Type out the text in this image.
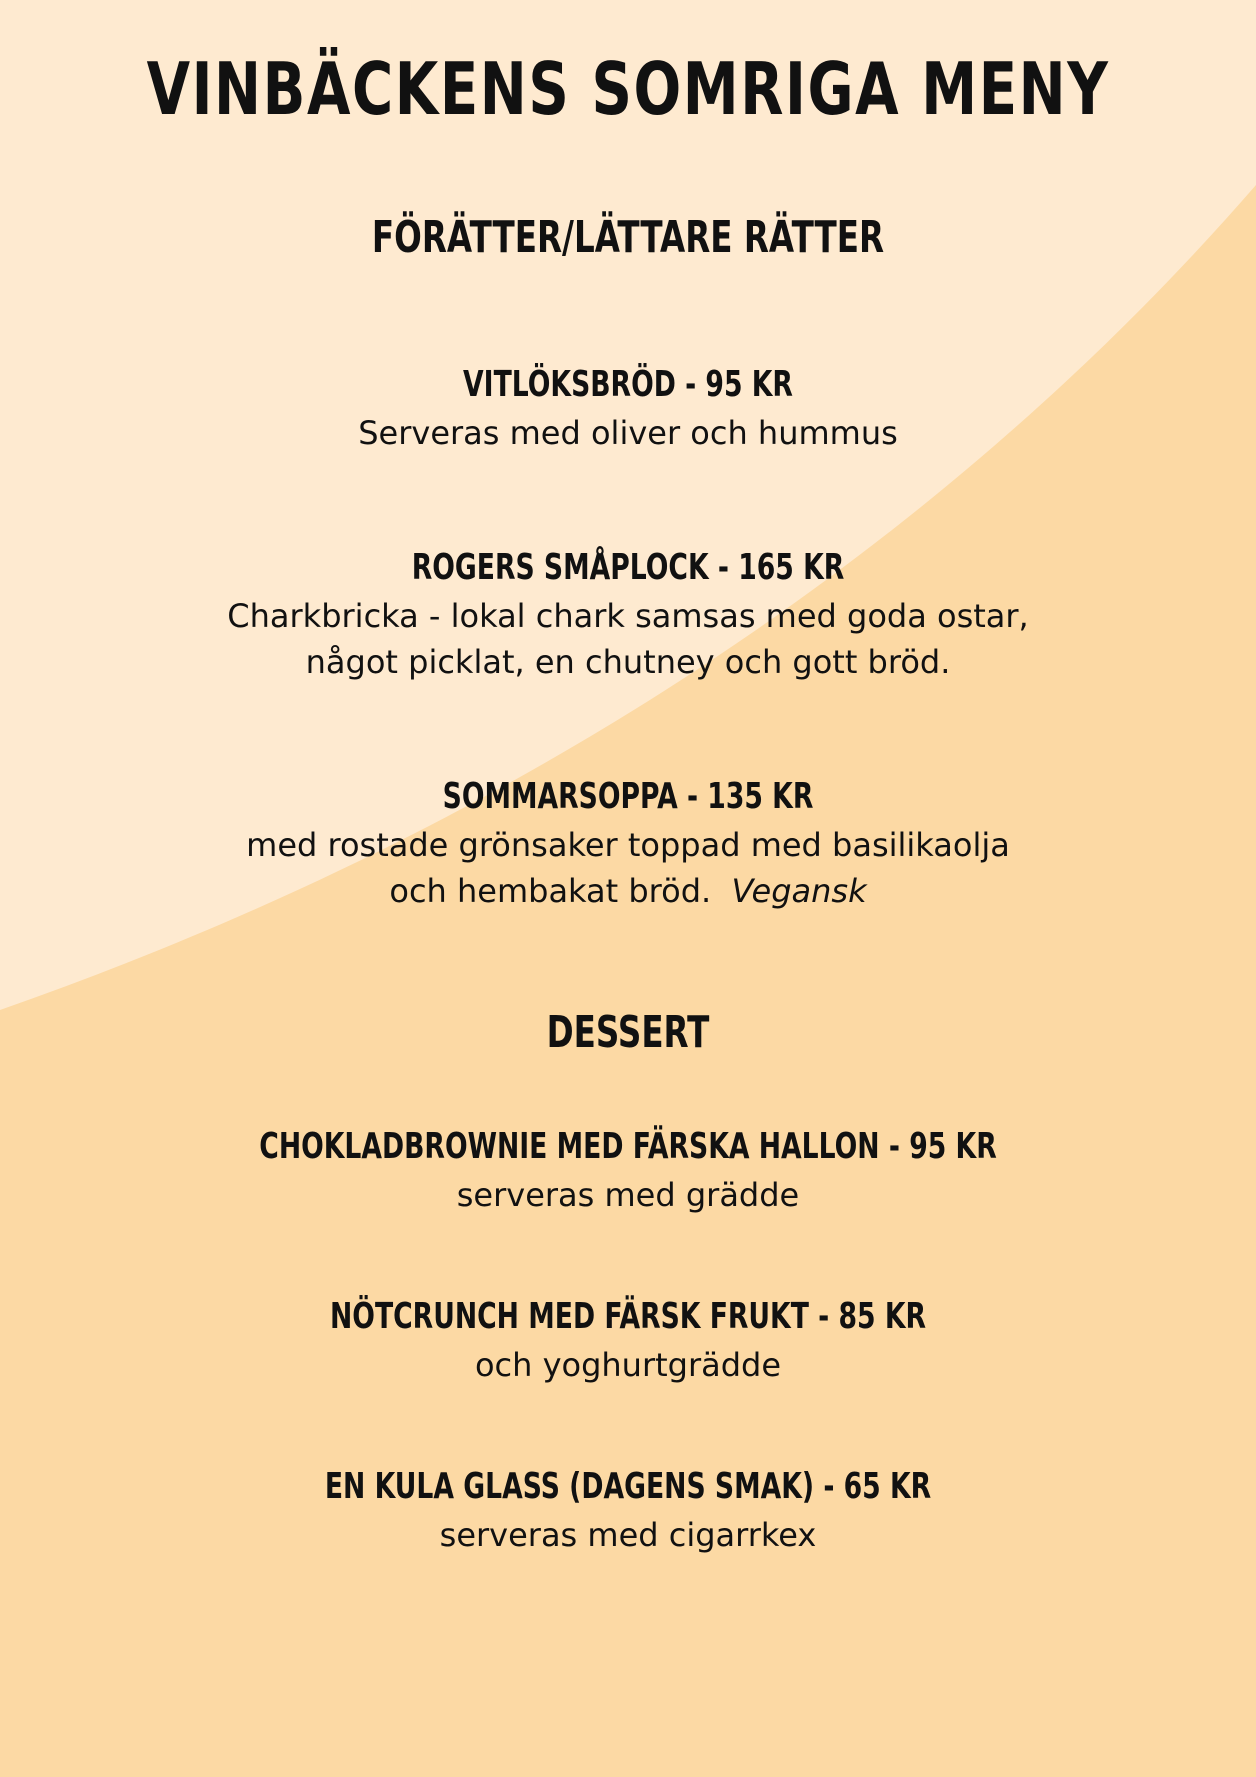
VINBÄCKENS SOMRIGA MENY
FÖRÄTTER/LÄTTARE RÄTTER
VITLÖKSBRÖD - 95 KR
Serveras med oliver och hummus
ROGERS SMÅPLOCK - 165 KR
Charkbricka - lokal chark samsas med goda ostar,
något picklat, en chutney och gott bröd.
SOMMARSOPPA - 135 KR
med rostade grönsaker toppad med basilikaolja
och hembakat bröd. Vegansk
DESSERT
CHOKLADBROWNIE MED FÄRSKA HALLON - 95 KR
serveras med grädde
NÖTCRUNCH MED FÄRSK FRUKT - 85 KR
och yoghurtgrädde
EN KULA GLASS (DAGENS SMAK) - 65 KR
serveras med cigarrkex
